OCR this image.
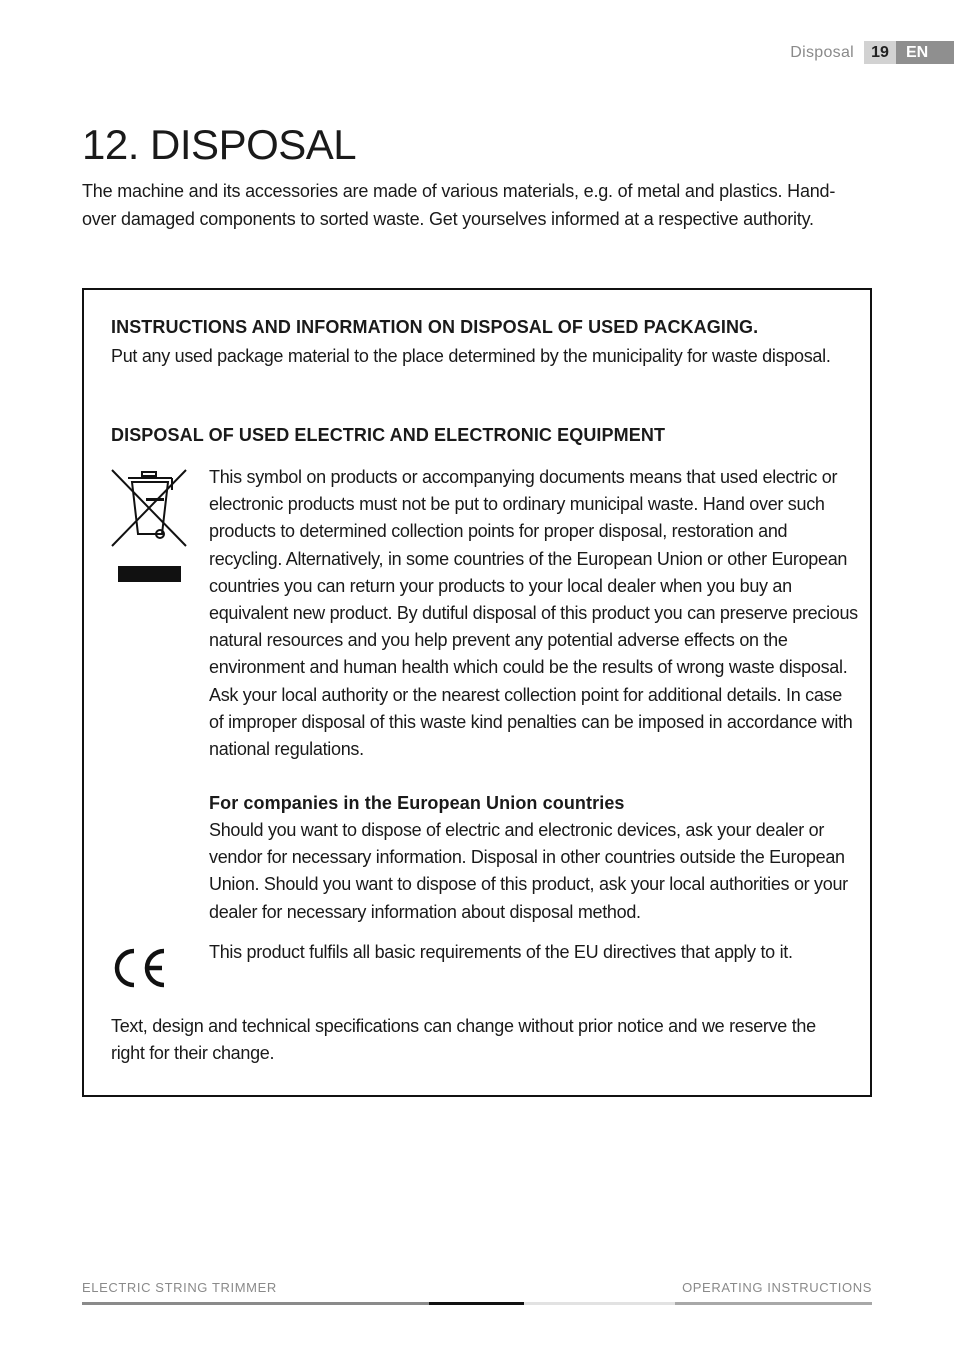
Disposal	19	EN
12. DISPOSAL

The machine and its accessories are made of various materials, e.g. of metal and plastics. Hand-over damaged components to sorted waste. Get yourselves informed at a respective authority.

INSTRUCTIONS AND INFORMATION ON DISPOSAL OF USED PACKAGING.

Put any used package material to the place determined by the municipality for waste disposal.

DISPOSAL OF USED ELECTRIC AND ELECTRONIC EQUIPMENT

This symbol on products or accompanying documents means that used electric or electronic products must not be put to ordinary municipal waste. Hand over such products to determined collection points for proper disposal, restoration and recycling. Alternatively, in some countries of the European Union or other European countries you can return your products to your local dealer when you buy an equivalent new product. By dutiful disposal of this product you can preserve precious natural resources and you help prevent any potential adverse effects on the environment and human health which could be the results of wrong waste disposal. Ask your local authority or the nearest collection point for additional details. In case of improper disposal of this waste kind penalties can be imposed in accordance with national regulations.

For companies in the European Union countries

Should you want to dispose of electric and electronic devices, ask your dealer or vendor for necessary information. Disposal in other countries outside the European Union. Should you want to dispose of this product, ask your local authorities or your dealer for necessary information about disposal method.

This product fulfils all basic requirements of the EU directives that apply to it.

Text, design and technical specifications can change without prior notice and we reserve the right for their change.

ELECTRIC STRING TRIMMER	OPERATING INSTRUCTIONS
